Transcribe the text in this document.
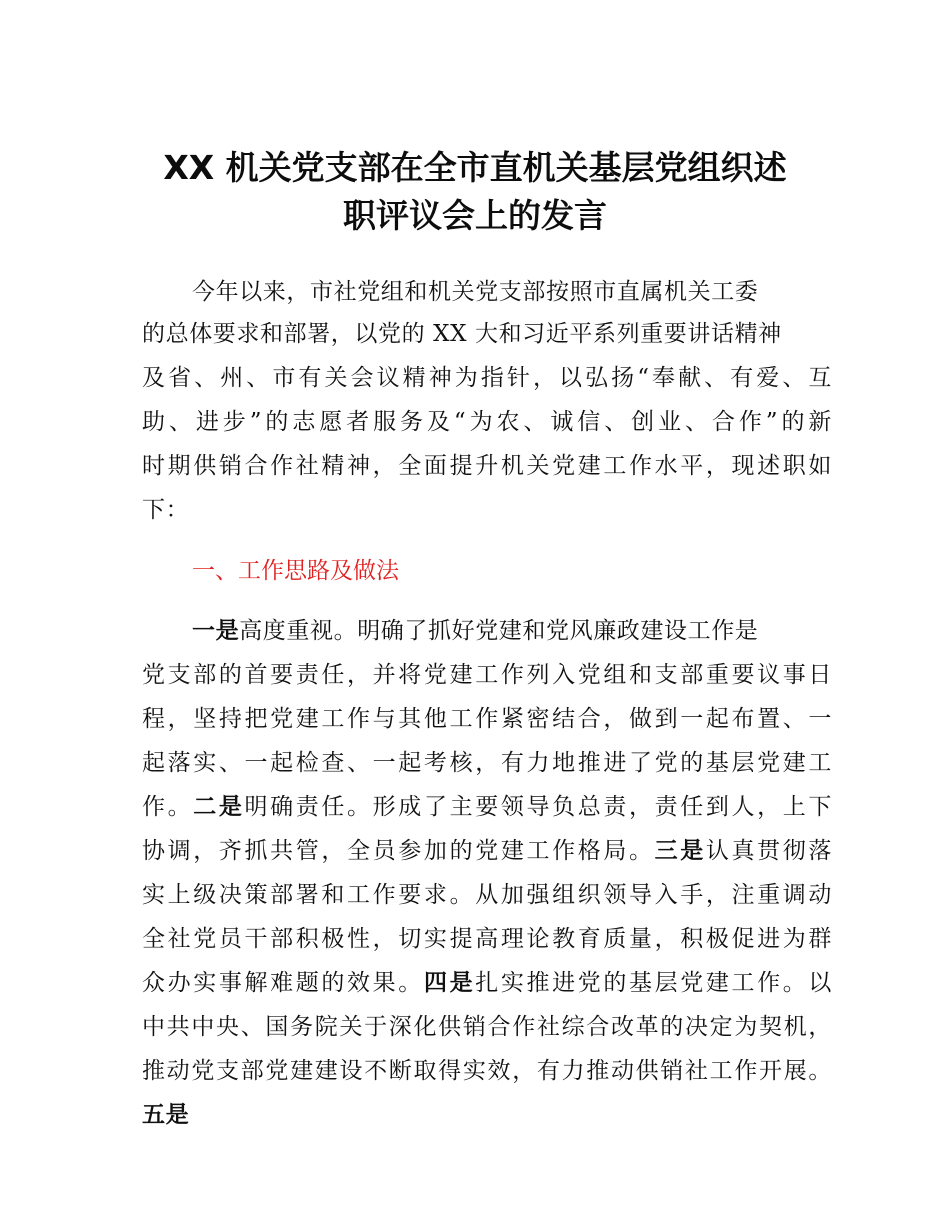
XX 机关党支部在全市直机关基层党组织述
职评议会上的发言
今年以来，市社党组和机关党支部按照市直属机关工委
的总体要求和部署，以党的 XX 大和习近平系列重要讲话精神
及省、州、市有关会议精神为指针，以弘扬“奉献、有爱、互
助、进步”的志愿者服务及“为农、诚信、创业、合作”的新
时期供销合作社精神，全面提升机关党建工作水平，现述职如
下：
一、工作思路及做法
一是高度重视。明确了抓好党建和党风廉政建设工作是
党支部的首要责任，并将党建工作列入党组和支部重要议事日
程，坚持把党建工作与其他工作紧密结合，做到一起布置、一
起落实、一起检查、一起考核，有力地推进了党的基层党建工
作。二是明确责任。形成了主要领导负总责，责任到人，上下
协调，齐抓共管，全员参加的党建工作格局。三是认真贯彻落
实上级决策部署和工作要求。从加强组织领导入手，注重调动
全社党员干部积极性，切实提高理论教育质量，积极促进为群
众办实事解难题的效果。四是扎实推进党的基层党建工作。以
中共中央、国务院关于深化供销合作社综合改革的决定为契机，
推动党支部党建建设不断取得实效，有力推动供销社工作开展。
五是
